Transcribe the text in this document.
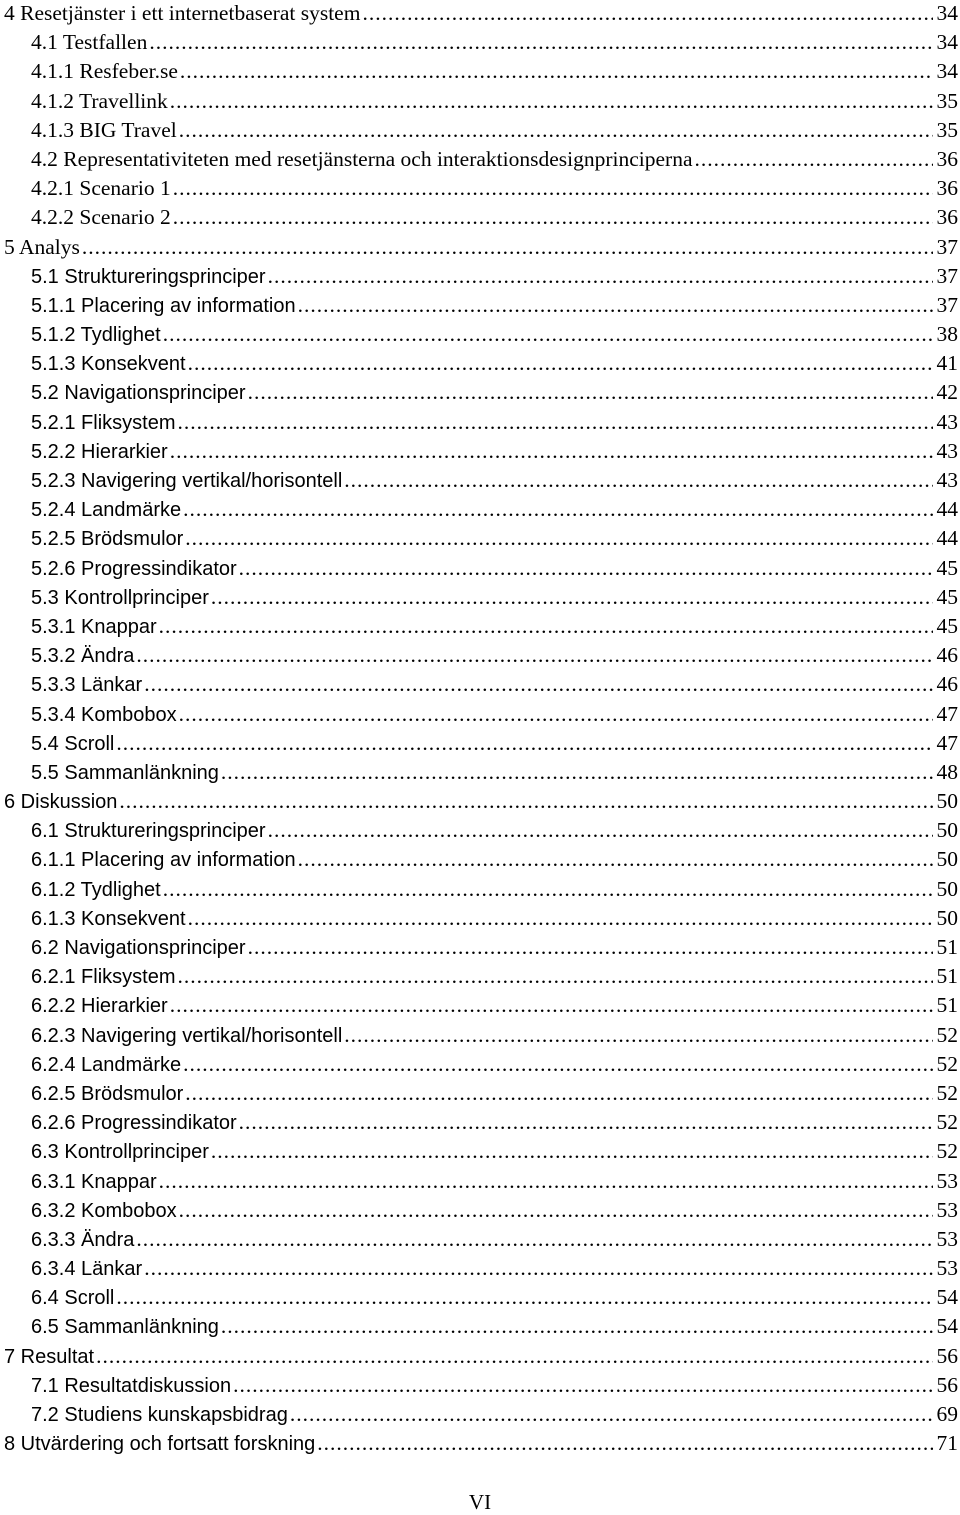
4 Resetjänster i ett internetbaserat system .....	34
4.1 Testfallen .....	34
4.1.1 Resfeber.se .....	34
4.1.2 Travellink .....	35
4.1.3 BIG Travel .....	35
4.2 Representativiteten med resetjänsterna och interaktionsdesignprinciperna .....	36
4.2.1 Scenario 1 .....	36
4.2.2 Scenario 2 .....	36
5 Analys .....	37
5.1 Struktureringsprinciper .....	37
5.1.1 Placering av information .....	37
5.1.2 Tydlighet .....	38
5.1.3 Konsekvent .....	41
5.2 Navigationsprinciper .....	42
5.2.1 Fliksystem .....	43
5.2.2 Hierarkier .....	43
5.2.3 Navigering vertikal/horisontell .....	43
5.2.4 Landmärke .....	44
5.2.5 Brödsmulor .....	44
5.2.6 Progressindikator .....	45
5.3 Kontrollprinciper .....	45
5.3.1 Knappar .....	45
5.3.2 Ändra .....	46
5.3.3 Länkar .....	46
5.3.4 Kombobox .....	47
5.4 Scroll .....	47
5.5 Sammanlänkning .....	48
6 Diskussion .....	50
6.1 Struktureringsprinciper .....	50
6.1.1 Placering av information .....	50
6.1.2 Tydlighet .....	50
6.1.3 Konsekvent .....	50
6.2 Navigationsprinciper .....	51
6.2.1 Fliksystem .....	51
6.2.2 Hierarkier .....	51
6.2.3 Navigering vertikal/horisontell .....	52
6.2.4 Landmärke .....	52
6.2.5 Brödsmulor .....	52
6.2.6 Progressindikator .....	52
6.3 Kontrollprinciper .....	52
6.3.1 Knappar .....	53
6.3.2 Kombobox .....	53
6.3.3 Ändra .....	53
6.3.4 Länkar .....	53
6.4 Scroll .....	54
6.5 Sammanlänkning .....	54
7 Resultat .....	56
7.1 Resultatdiskussion .....	56
7.2 Studiens kunskapsbidrag .....	69
8 Utvärdering och fortsatt forskning .....	71
VI
